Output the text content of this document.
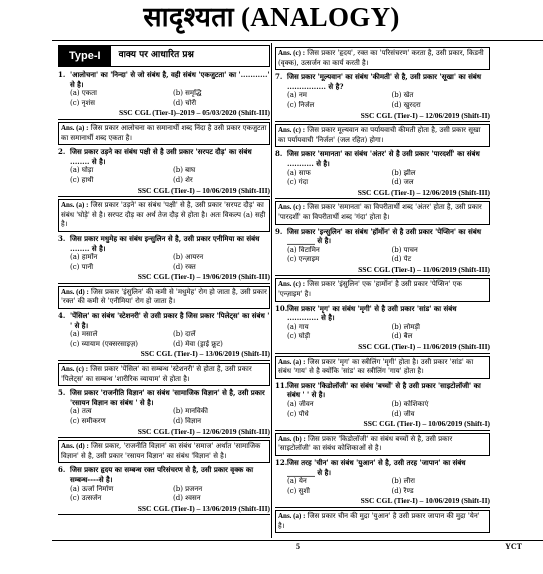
सादृश्यता (ANALOGY)
Type-I	वाक्य पर आधारित प्रश्न
1. 'आलोचना' का 'निन्दा' से जो संबंध है, वही संबंध 'एकजुटता' का '...........' से है।
(a) एकता	(b) समृद्धि
(c) नृशंस	(d) चोरी
SSC CGL (Tier-I)–2019 – 05/03/2020 (Shift-III)
Ans. (a) : जिस प्रकार आलोचना का समानार्थी शब्द निंदा है उसी प्रकार एकजुटता का समानार्थी शब्द एकता है।
2. जिस प्रकार उड़ने का संबंध पक्षी से है उसी प्रकार 'सरपट दौड़' का संबंध ........ से है।
(a) घोड़ा	(b) बाघ
(c) हाथी	(d) शेर
SSC CGL (Tier-I) – 10/06/2019 (Shift-III)
Ans. (a) : जिस प्रकार 'उड़ने' का संबंध 'पक्षी' से है, उसी प्रकार 'सरपट दौड़' का संबंध 'घोड़े' से है। सरपट दौड़ का अर्थ तेज दौड़ से होता है। अतः विकल्प (a) सही है।
3. जिस प्रकार मधुमेह का संबंध इन्सुलिन से है, उसी प्रकार एनीमिया का संबंध ........ से है।
(a) हार्मोन	(b) आयरन
(c) पानी	(d) रक्त
SSC CGL (Tier-I) – 19/06/2019 (Shift-III)
Ans. (d) : जिस प्रकार 'इंसुलिन' की कमी से 'मधुमेह' रोग हो जाता है, उसी प्रकार 'रक्त' की कमी से 'एनीमिया' रोग हो जाता है।
4. 'पेंसिल' का संबंध 'स्टेशनरी' से उसी प्रकार है जिस प्रकार 'पिलेट्स' का संबंध ' ' से है।
(a) मसाले	(b) दालें
(c) व्यायाम (एक्सरसाइज़)	(d) मेवा (ड्राई फ्रूट)
SSC CGL (Tier-I) – 13/06/2019 (Shift-II)
Ans. (c) : जिस प्रकार 'पेंसिल' का सम्बन्ध 'स्टेशनरी' से होता है, उसी प्रकार 'पिलेट्स' का सम्बन्ध 'शारीरिक व्यायाम' से होता है।
5. जिस प्रकार 'राजनीति विज्ञान' का संबंध 'सामाजिक विज्ञान' से है, उसी प्रकार 'रसायन विज्ञान का संबंध ' से है।
(a) तत्व	(b) मानविकी
(c) समीकरण	(d) विज्ञान
SSC CGL (Tier-I) – 12/06/2019 (Shift-III)
Ans. (d) : जिस प्रकार, 'राजनीति विज्ञान' का संबंध 'समाज' अर्थात 'सामाजिक विज्ञान' से है, उसी प्रकार 'रसायन विज्ञान' का संबंध 'विज्ञान' से है।
6. जिस प्रकार हृदय का सम्बन्ध रक्त परिसंचरण से है, उसी प्रकार वृक्क का सम्बन्ध----से है।
(a) ऊर्जा निर्माण	(b) प्रजनन
(c) उत्सर्जन	(d) श्वसन
SSC CGL (Tier-I) – 13/06/2019 (Shift-III)
Ans. (c) : जिस प्रकार 'हृदय', रक्त का 'परिसंचरण' करता है, उसी प्रकार, किडनी (वृक्क), उत्सर्जन का कार्य करती है।
7. जिस प्रकार 'मूल्यवान' का संबंध 'कीमती' से है, उसी प्रकार 'सूखा' का संबंध ................ से है?
(a) नम	(b) खेत
(c) निर्जल	(d) खुरदरा
SSC CGL (Tier-I) – 12/06/2019 (Shift-II)
Ans. (c) : जिस प्रकार मूल्यवान का पर्यायवाची कीमती होता है, उसी प्रकार सूखा का पर्यायवाची 'निर्जल' (जल रहित) होगा।
8. जिस प्रकार 'समानता' का संबंध 'अंतर' से है उसी प्रकार 'पारदर्शी' का संबंध ........... से है।
(a) साफ	(b) झील
(c) गंदा	(d) जल
SSC CGL (Tier-I) – 12/06/2019 (Shift-III)
Ans. (c) : जिस प्रकार 'समानता' का विपरीतार्थी शब्द 'अंतर' होता है, उसी प्रकार 'पारदर्शी' का विपरीतार्थी शब्द 'गंदा' होता है।
9. जिस प्रकार 'इन्सुलिन' का संबंध 'हॉर्मोन' से है उसी प्रकार 'पेप्सिन' का संबंध ________ से है।
(a) विटामिन	(b) पाचन
(c) एन्ज़ाइम	(d) पेट
SSC CGL (Tier-I) – 11/06/2019 (Shift-III)
Ans. (c) : जिस प्रकार 'इंसुलिन' एक 'हार्मोन' है उसी प्रकार 'पेप्सिन' एक 'एन्ज़ाइम' है।
10. जिस प्रकार 'मृग' का संबंध 'मृगी' से है उसी प्रकार 'सांड' का संबंध ............. से है।
(a) गाय	(b) लोमड़ी
(c) घोड़ी	(d) बैल
SSC CGL (Tier-I) – 11/06/2019 (Shift-III)
Ans. (a) : जिस प्रकार 'मृग' का स्त्रीलिंग 'मृगी' होता है। उसी प्रकार 'सांड' का संबंध 'गाय' से है क्योंकि 'सांड' का स्त्रीलिंग 'गाय' होता है।
11. जिस प्रकार 'किडोलॉजी' का संबंध 'बच्चों' से है उसी प्रकार 'साइटोलॉजी' का संबंध ' ' से है।
(a) जीवन	(b) कोशिकाएं
(c) पौधे	(d) जीव
SSC CGL (Tier-I) – 10/06/2019 (Shift-I)
Ans. (b) : जिस प्रकार 'किडोलॉजी' का संबंध बच्चों से है, उसी प्रकार 'साइटोलॉजी' का संबंध कोशिकाओं से है।
12. जिस तरह 'चीन' का संबंध 'युआन' से है, उसी तरह 'जापान' का संबंध ________ से है।
(a) येन	(b) लीरा
(c) सुशी	(d) रैण्ड
SSC CGL (Tier-I) – 10/06/2019 (Shift-II)
Ans. (a) : जिस प्रकार चीन की मुद्रा 'युआन' है उसी प्रकार जापान की मुद्रा 'येन' है।
5	YCT
